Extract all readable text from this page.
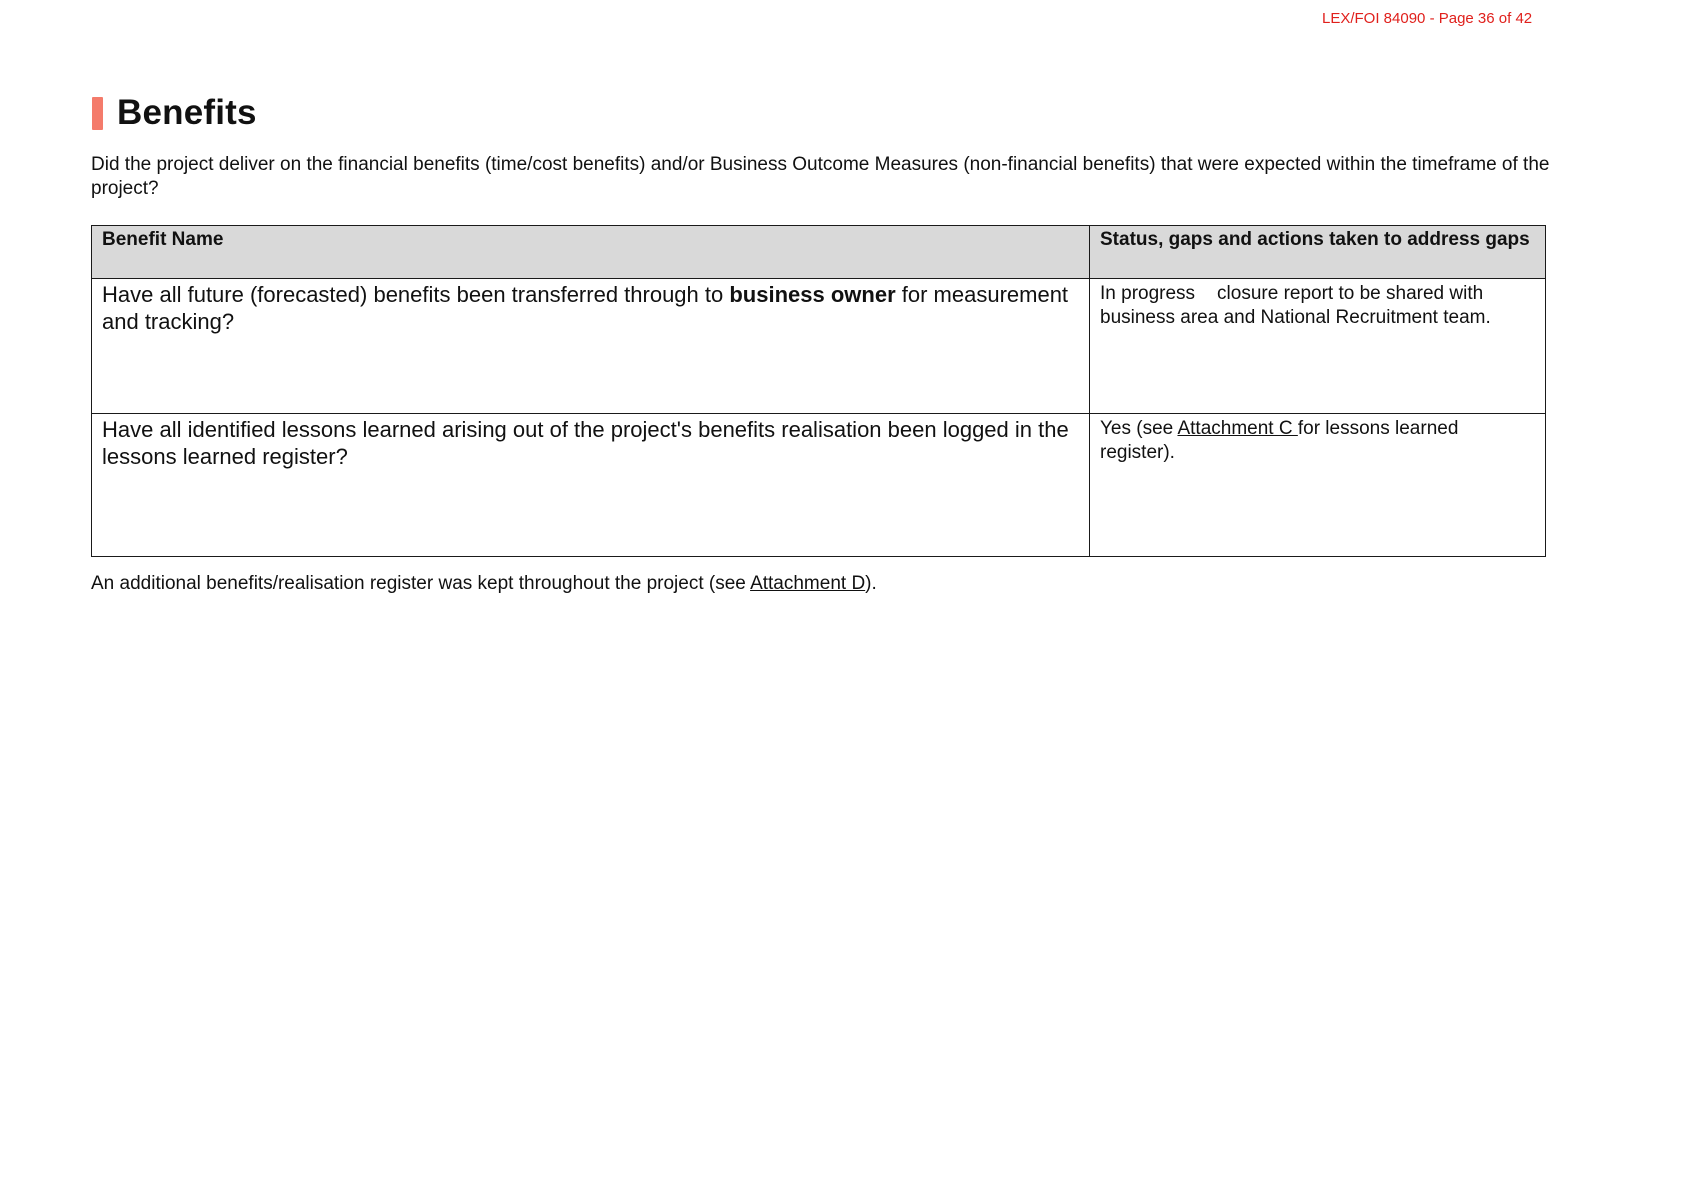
LEX/FOI 84090 - Page 36 of 42
Benefits

Did the project deliver on the financial benefits (time/cost benefits) and/or Business Outcome Measures (non-financial benefits) that were expected within the timeframe of the project?

Benefit Name	Status, gaps and actions taken to address gaps
Have all future (forecasted) benefits been transferred through to business owner for measurement and tracking?	In progress closure report to be shared with business area and National Recruitment team.
Have all identified lessons learned arising out of the project's benefits realisation been logged in the lessons learned register?	Yes (see Attachment C for lessons learned register).

An additional benefits/realisation register was kept throughout the project (see Attachment D).
